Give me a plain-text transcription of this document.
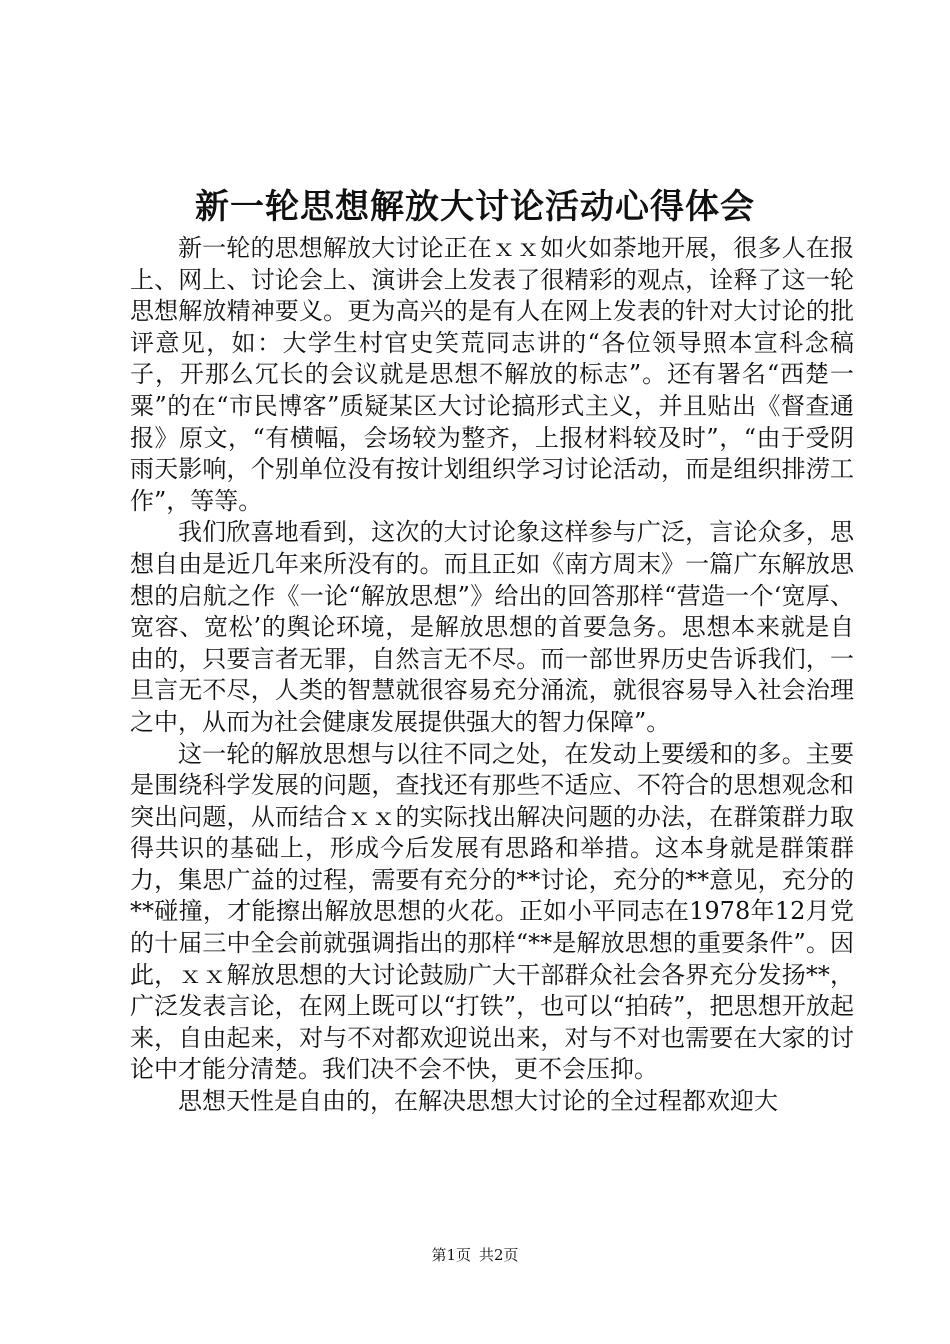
新一轮思想解放大讨论活动心得体会

新一轮的思想解放大讨论正在ｘｘ如火如荼地开展，很多人在报上、网上、讨论会上、演讲会上发表了很精彩的观点，诠释了这一轮思想解放精神要义。更为高兴的是有人在网上发表的针对大讨论的批评意见，如：大学生村官史笑荒同志讲的“各位领导照本宣科念稿子，开那么冗长的会议就是思想不解放的标志”。还有署名“西楚一粟”的在“市民博客”质疑某区大讨论搞形式主义，并且贴出《督查通报》原文，“有横幅，会场较为整齐，上报材料较及时”，“由于受阴雨天影响，个别单位没有按计划组织学习讨论活动，而是组织排涝工作”，等等。

我们欣喜地看到，这次的大讨论象这样参与广泛，言论众多，思想自由是近几年来所没有的。而且正如《南方周末》一篇广东解放思想的启航之作《一论“解放思想”》给出的回答那样“营造一个‘宽厚、宽容、宽松’的舆论环境，是解放思想的首要急务。思想本来就是自由的，只要言者无罪，自然言无不尽。而一部世界历史告诉我们，一旦言无不尽，人类的智慧就很容易充分涌流，就很容易导入社会治理之中，从而为社会健康发展提供强大的智力保障”。

这一轮的解放思想与以往不同之处，在发动上要缓和的多。主要是围绕科学发展的问题，查找还有那些不适应、不符合的思想观念和突出问题，从而结合ｘｘ的实际找出解决问题的办法，在群策群力取得共识的基础上，形成今后发展有思路和举措。这本身就是群策群力，集思广益的过程，需要有充分的**讨论，充分的**意见，充分的**碰撞，才能擦出解放思想的火花。正如小平同志在1978年12月党的十届三中全会前就强调指出的那样“**是解放思想的重要条件”。因此，ｘｘ解放思想的大讨论鼓励广大干部群众社会各界充分发扬**，广泛发表言论，在网上既可以“打铁”，也可以“拍砖”，把思想开放起来，自由起来，对与不对都欢迎说出来，对与不对也需要在大家的讨论中才能分清楚。我们决不会不快，更不会压抑。

思想天性是自由的，在解决思想大讨论的全过程都欢迎大

第1页 共2页
